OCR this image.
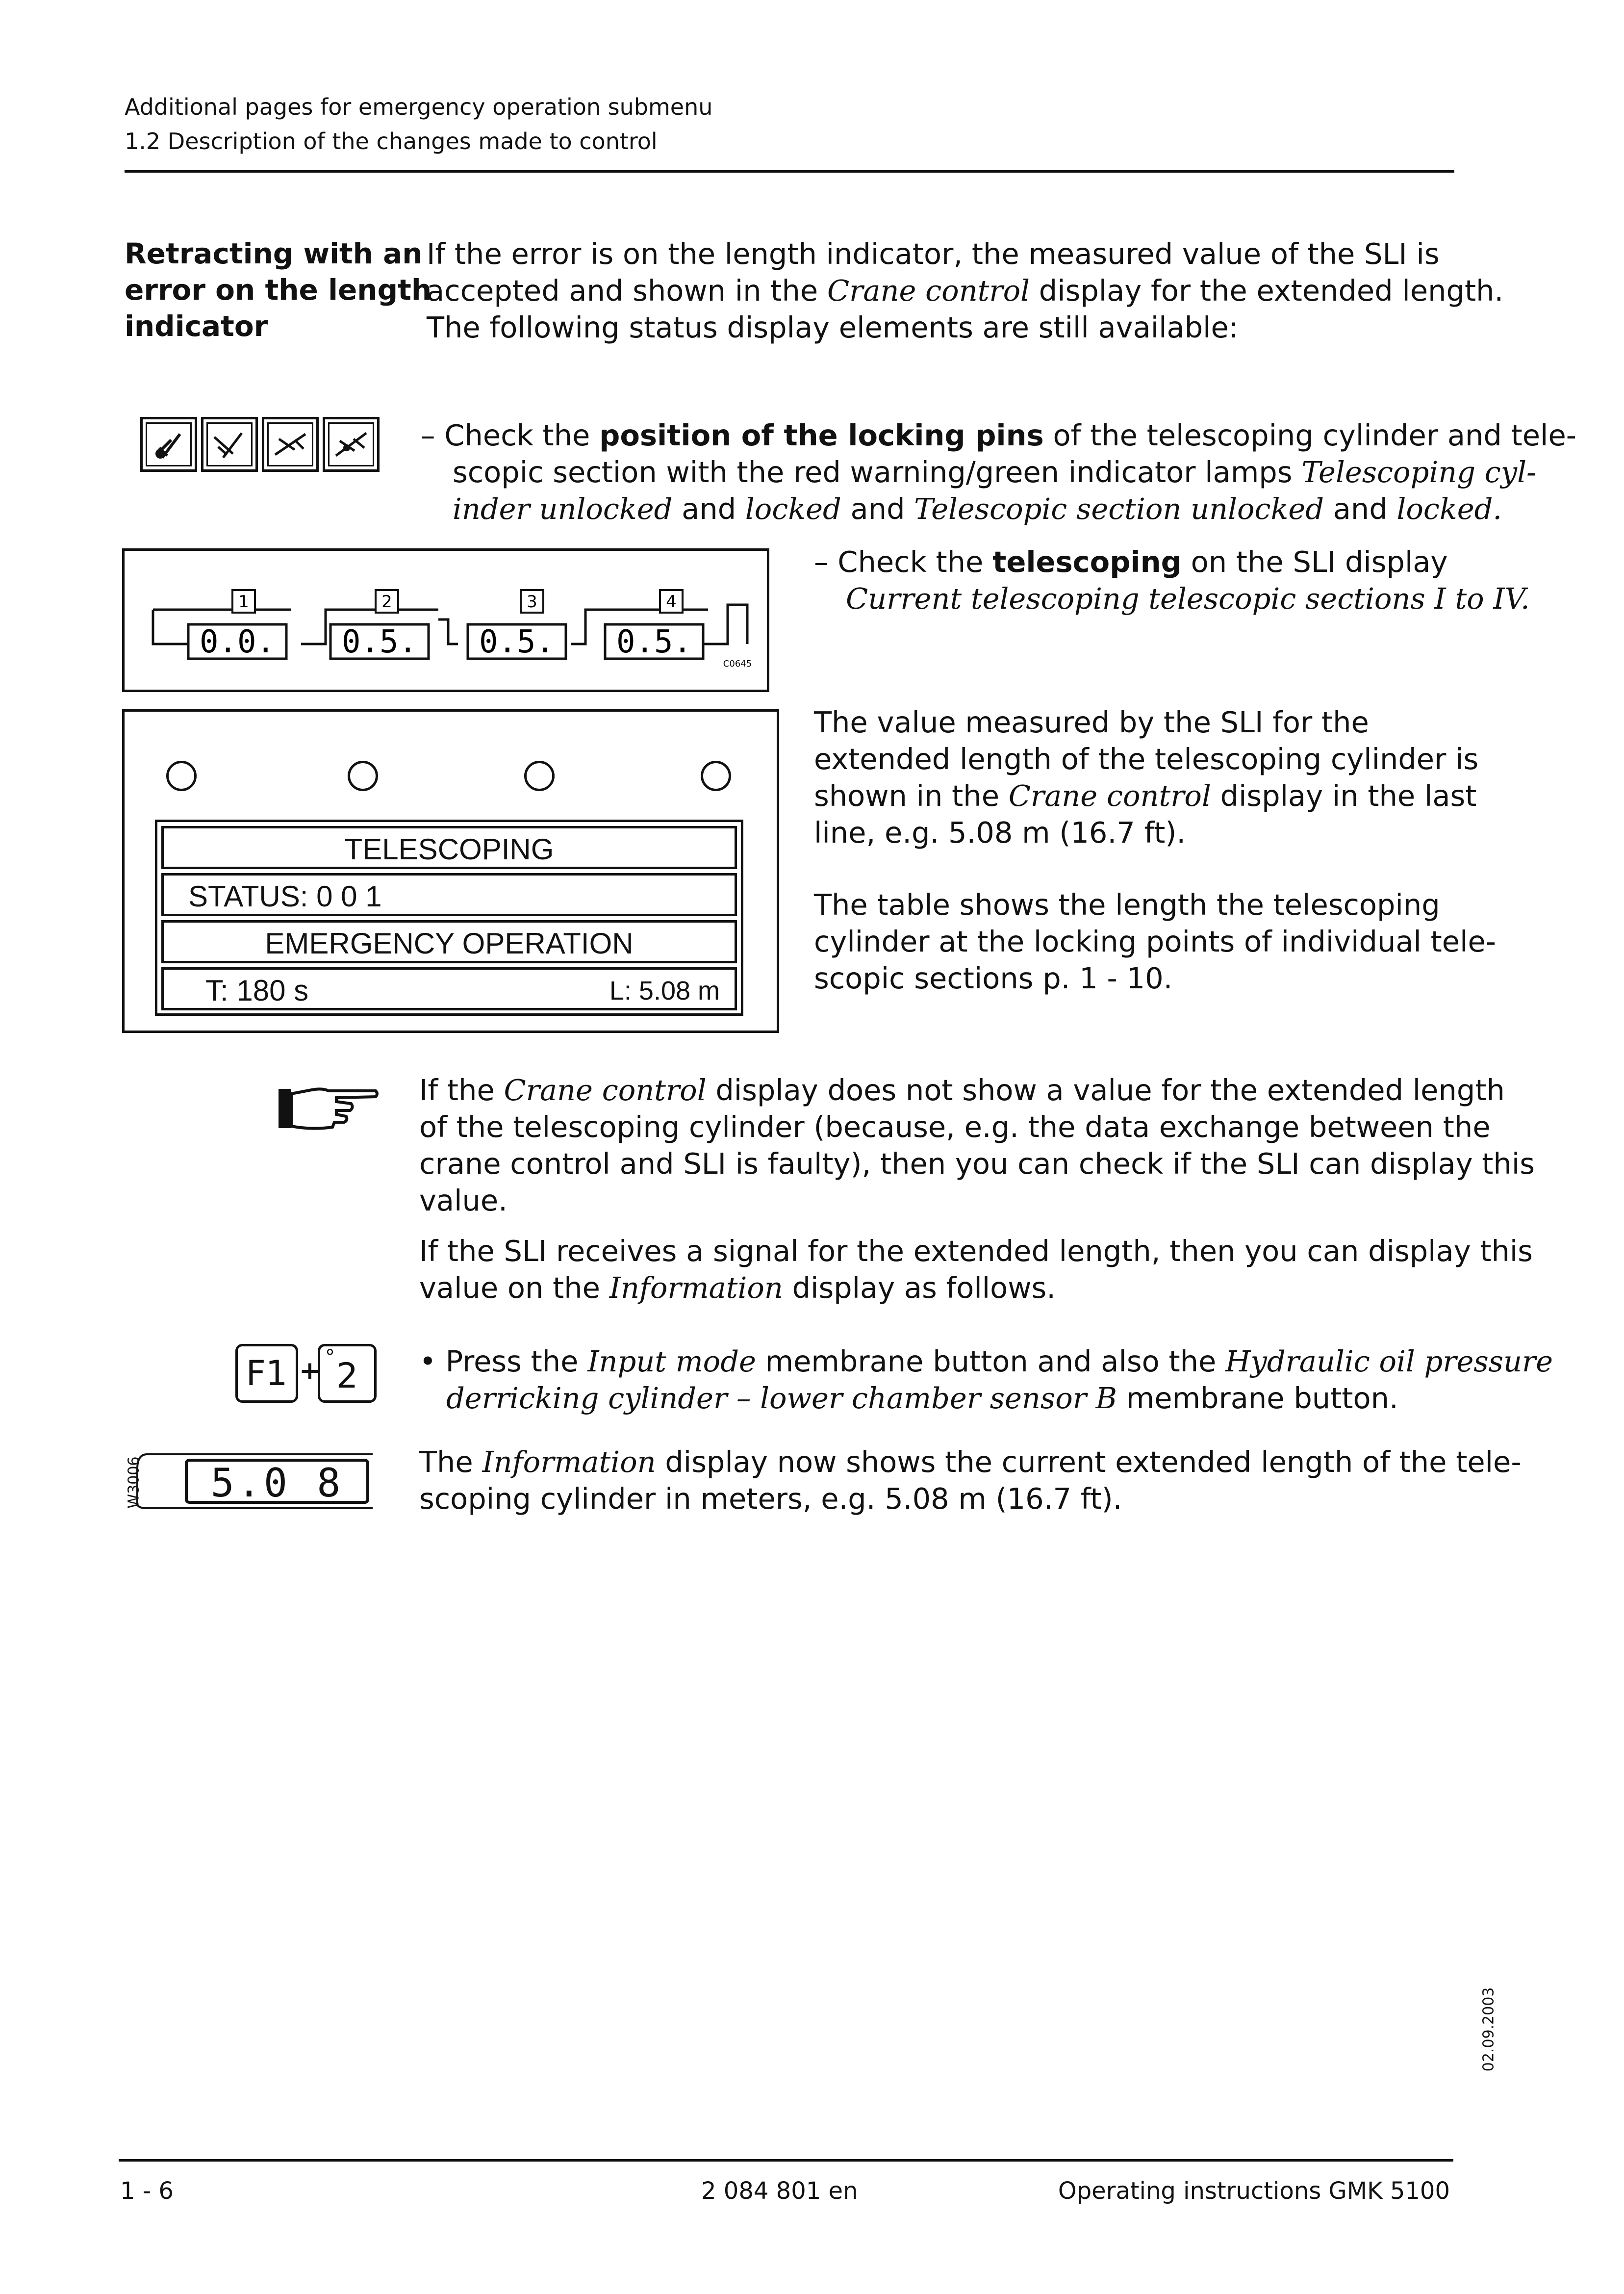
Additional pages for emergency operation submenu
1.2 Description of the changes made to control
Retracting with an
error on the length
indicator
If the error is on the length indicator, the measured value of the SLI is
accepted and shown in the Crane control display for the extended length.
The following status display elements are still available:
– Check the position of the locking pins of the telescoping cylinder and tele-
scopic section with the red warning/green indicator lamps Telescoping cyl-
inder unlocked and locked and Telescopic section unlocked and locked.
1	2	3	4
0.0. 0.5. 0.5. 0.5.
C0645
– Check the telescoping on the SLI display
Current telescoping telescopic sections I to IV.
TELESCOPING
STATUS: 0 0 1
EMERGENCY OPERATION
T: 180 s	L: 5.08 m
The value measured by the SLI for the
extended length of the telescoping cylinder is
shown in the Crane control display in the last
line, e.g. 5.08 m (16.7 ft).
The table shows the length the telescoping
cylinder at the locking points of individual tele-
scopic sections p. 1 - 10.
If the Crane control display does not show a value for the extended length
of the telescoping cylinder (because, e.g. the data exchange between the
crane control and SLI is faulty), then you can check if the SLI can display this
value.
If the SLI receives a signal for the extended length, then you can display this
value on the Information display as follows.
F1 + 2
°	• Press the Input mode membrane button and also the Hydraulic oil pressure
derricking cylinder – lower chamber sensor B membrane button.
W3006	5.0 8	The Information display now shows the current extended length of the tele-
scoping cylinder in meters, e.g. 5.08 m (16.7 ft).
02.09.2003
1 - 6	2 084 801 en	Operating instructions GMK 5100
